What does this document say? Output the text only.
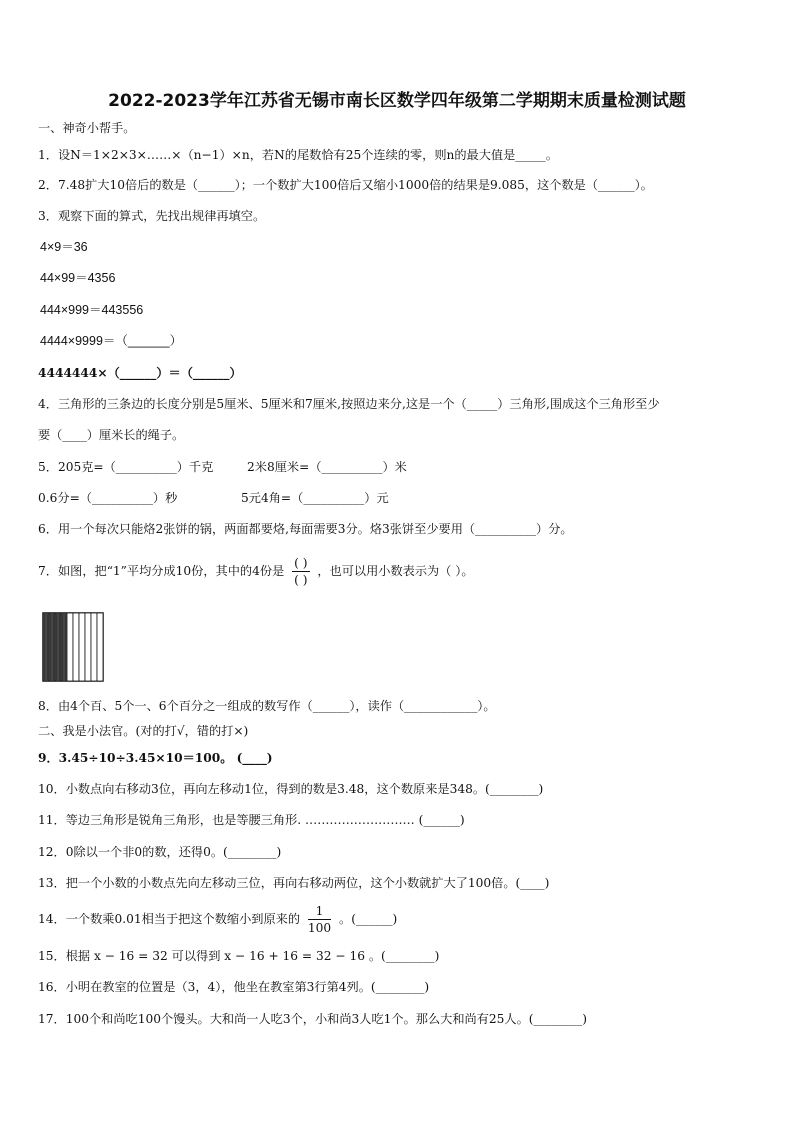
2022-2023学年江苏省无锡市南长区数学四年级第二学期期末质量检测试题
一、神奇小帮手。
1．设N＝1×2×3×……×（n−1）×n，若N的尾数恰有25个连续的零，则n的最大值是_____。
2．7.48扩大10倍后的数是（______）；一个数扩大100倍后又缩小1000倍的结果是9.085，这个数是（______）。
3．观察下面的算式，先找出规律再填空。
4×9＝36
44×99＝4356
444×999＝443556
4444×9999＝（______）
4444444×（______）＝（______）
4．三角形的三条边的长度分别是5厘米、5厘米和7厘米,按照边来分,这是一个（_____）三角形,围成这个三角形至少
要（____）厘米长的绳子。
5．205克=（__________）千克	2米8厘米=（__________）米
0.6分=（__________）秒	5元4角=（__________）元
6．用一个每次只能烙2张饼的锅，两面都要烙,每面需要3分。烙3张饼至少要用（__________）分。
7．如图，把“1”平均分成10份，其中的4份是 $\frac{( )}{( )}$ ，也可以用小数表示为（ ）。
8．由4个百、5个一、6个百分之一组成的数写作（______），读作（____________）。
二、我是小法官。(对的打√，错的打×)
9．3.45÷10÷3.45×10＝100。 (____)
10．小数点向右移动3位，再向左移动1位，得到的数是3.48，这个数原来是348。(________)
11．等边三角形是锐角三角形，也是等腰三角形. ……………………… (______)
12．0除以一个非0的数，还得0。(________)
13．把一个小数的小数点先向左移动三位，再向右移动两位，这个小数就扩大了100倍。(____)
14．一个数乘0.01相当于把这个数缩小到原来的 $\frac{1}{100}$ 。(______)
15．根据 x − 16 = 32 可以得到 x − 16 + 16 = 32 − 16 。(________)
16．小明在教室的位置是（3，4），他坐在教室第3行第4列。(________)
17．100个和尚吃100个馒头。大和尚一人吃3个，小和尚3人吃1个。那么大和尚有25人。(________)
